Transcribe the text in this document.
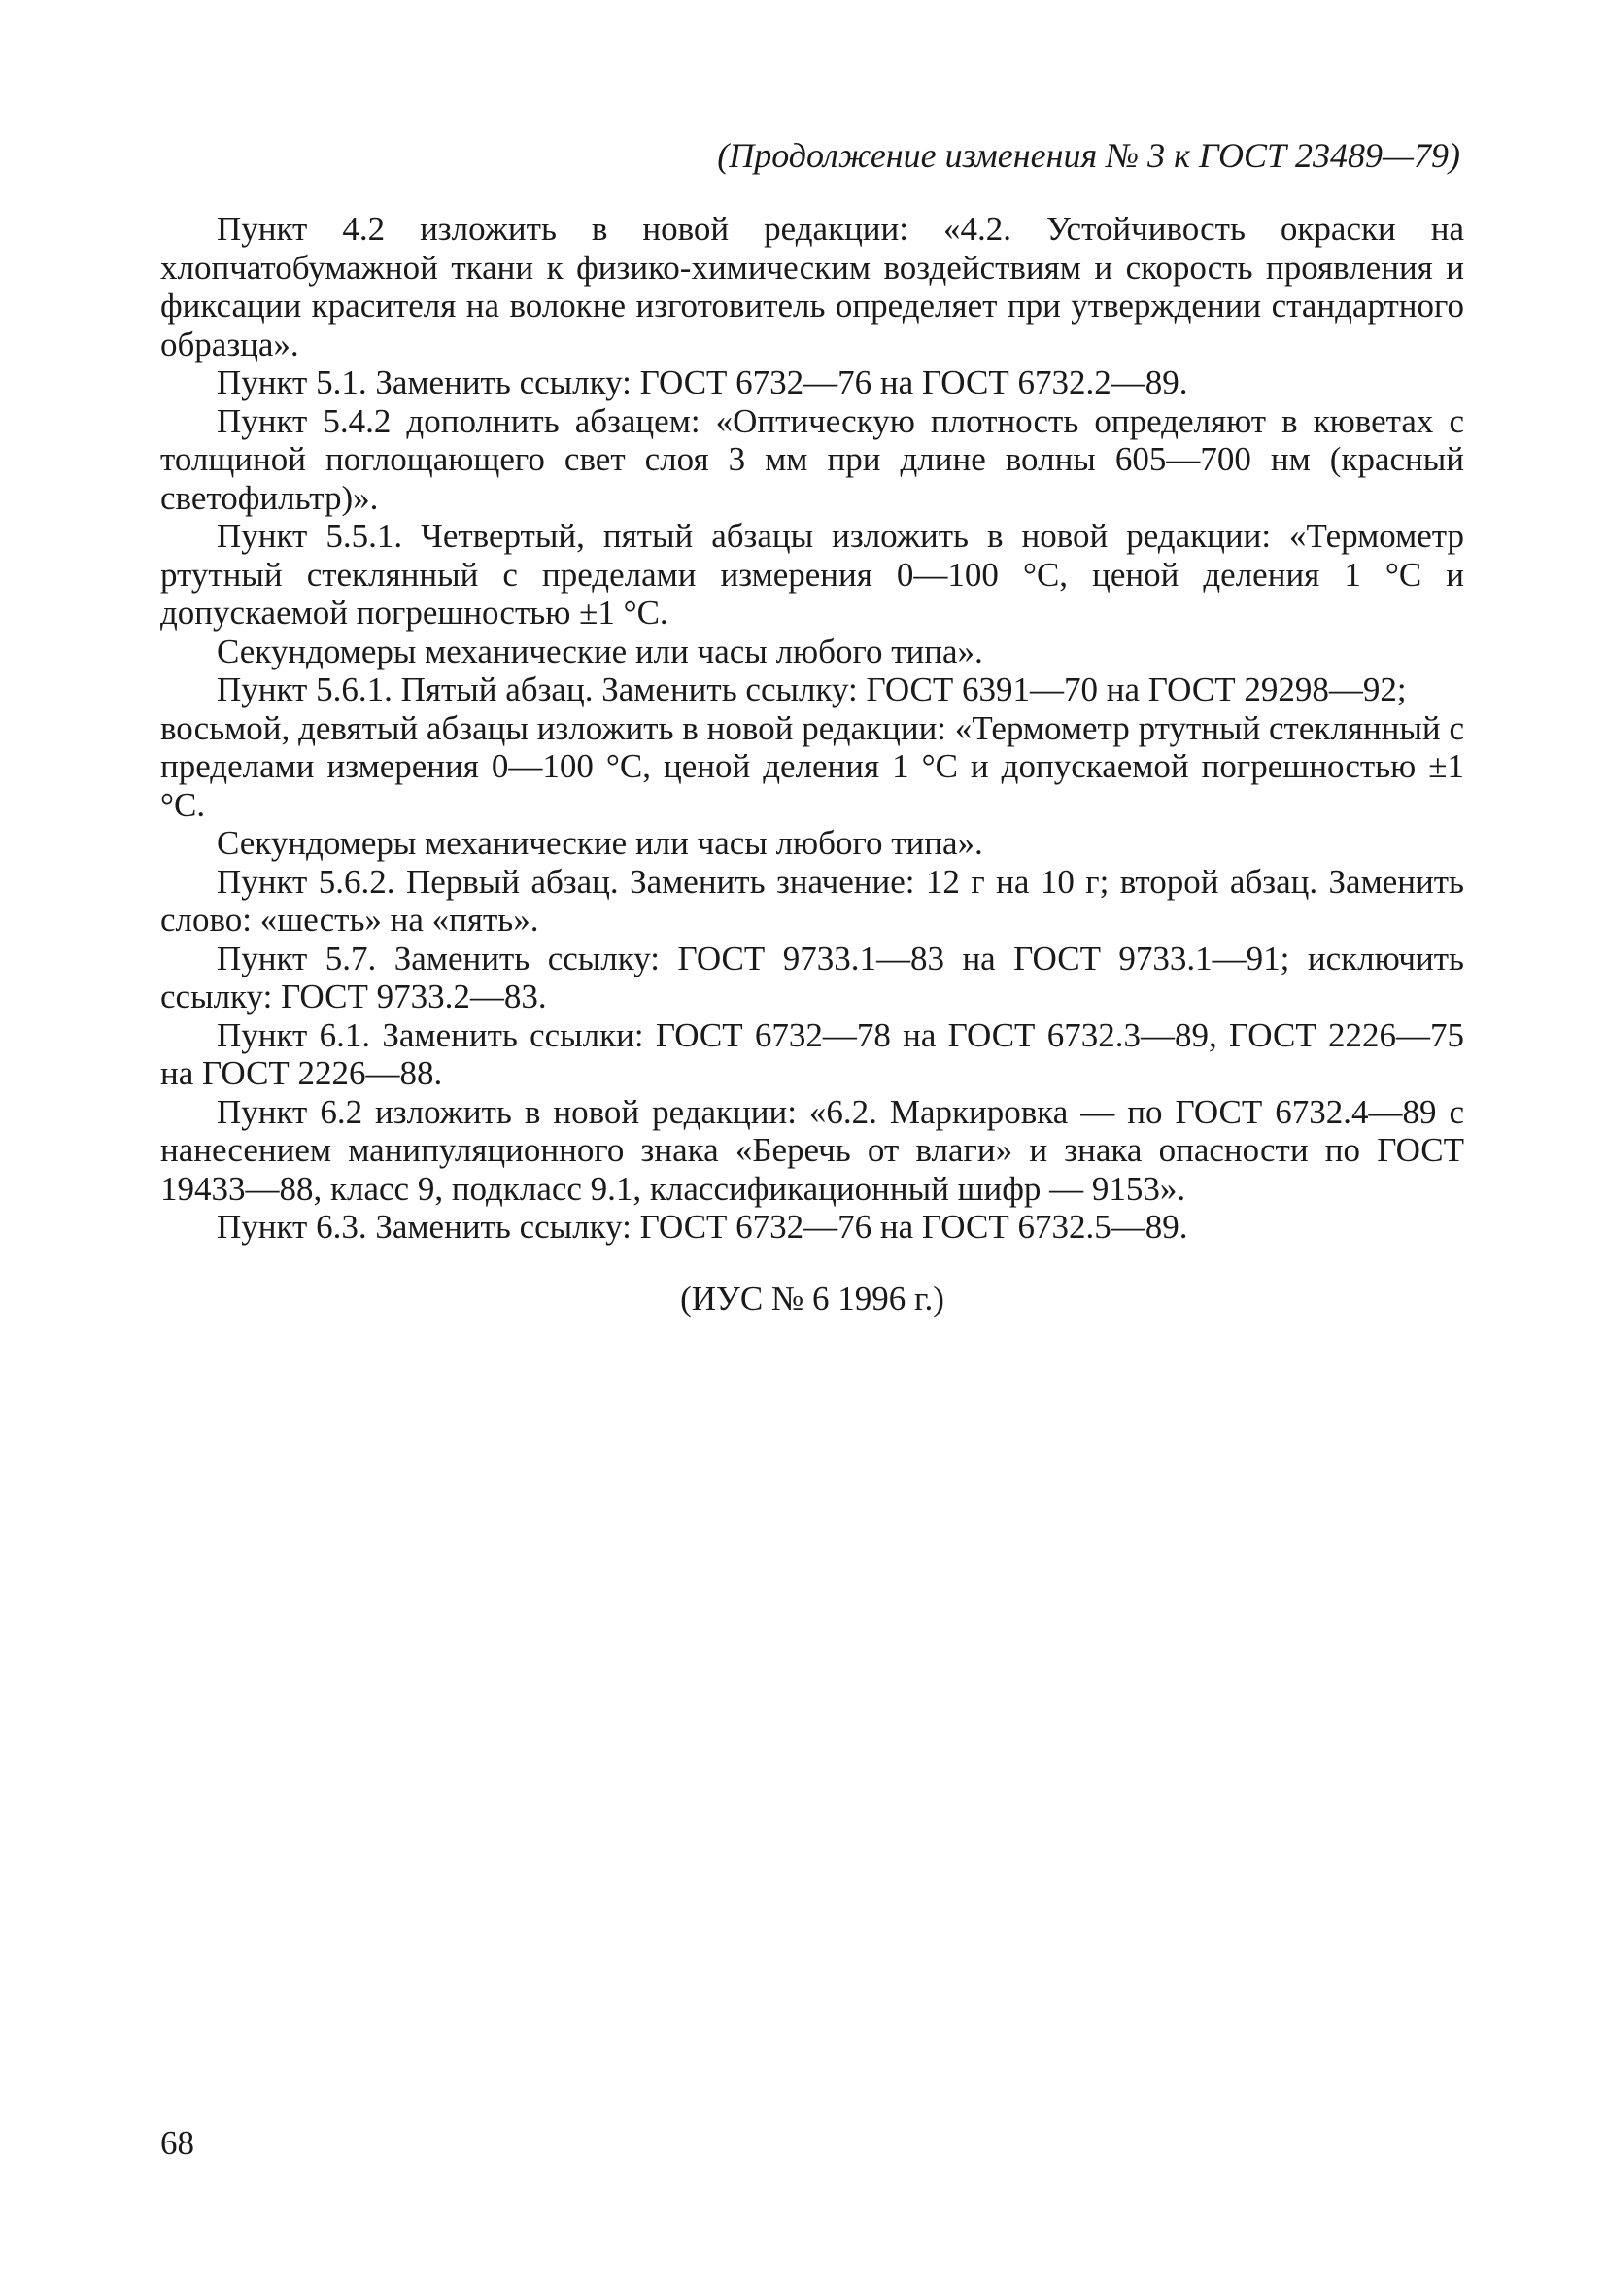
(Продолжение изменения № 3 к ГОСТ 23489—79)

Пункт 4.2 изложить в новой редакции: «4.2. Устойчивость окраски на хлопчатобумажной ткани к физико-химическим воздействиям и скорость проявления и фиксации красителя на волокне изготовитель определяет при утверждении стандартного образца».

Пункт 5.1. Заменить ссылку: ГОСТ 6732—76 на ГОСТ 6732.2—89.

Пункт 5.4.2 дополнить абзацем: «Оптическую плотность определяют в кюветах с толщиной поглощающего свет слоя 3 мм при длине волны 605—700 нм (красный светофильтр)».

Пункт 5.5.1. Четвертый, пятый абзацы изложить в новой редакции: «Термометр ртутный стеклянный с пределами измерения 0—100 °С, ценой деления 1 °С и допускаемой погрешностью ±1 °С.

Секундомеры механические или часы любого типа».

Пункт 5.6.1. Пятый абзац. Заменить ссылку: ГОСТ 6391—70 на ГОСТ 29298—92;

восьмой, девятый абзацы изложить в новой редакции: «Термометр ртутный стеклянный с пределами измерения 0—100 °С, ценой деления 1 °С и допускаемой погрешностью ±1 °С.

Секундомеры механические или часы любого типа».

Пункт 5.6.2. Первый абзац. Заменить значение: 12 г на 10 г; второй абзац. Заменить слово: «шесть» на «пять».

Пункт 5.7. Заменить ссылку: ГОСТ 9733.1—83 на ГОСТ 9733.1—91; исключить ссылку: ГОСТ 9733.2—83.

Пункт 6.1. Заменить ссылки: ГОСТ 6732—78 на ГОСТ 6732.3—89, ГОСТ 2226—75 на ГОСТ 2226—88.

Пункт 6.2 изложить в новой редакции: «6.2. Маркировка — по ГОСТ 6732.4—89 с нанесением манипуляционного знака «Беречь от влаги» и знака опасности по ГОСТ 19433—88, класс 9, подкласс 9.1, классификационный шифр — 9153».

Пункт 6.3. Заменить ссылку: ГОСТ 6732—76 на ГОСТ 6732.5—89.

(ИУС № 6 1996 г.)
68
